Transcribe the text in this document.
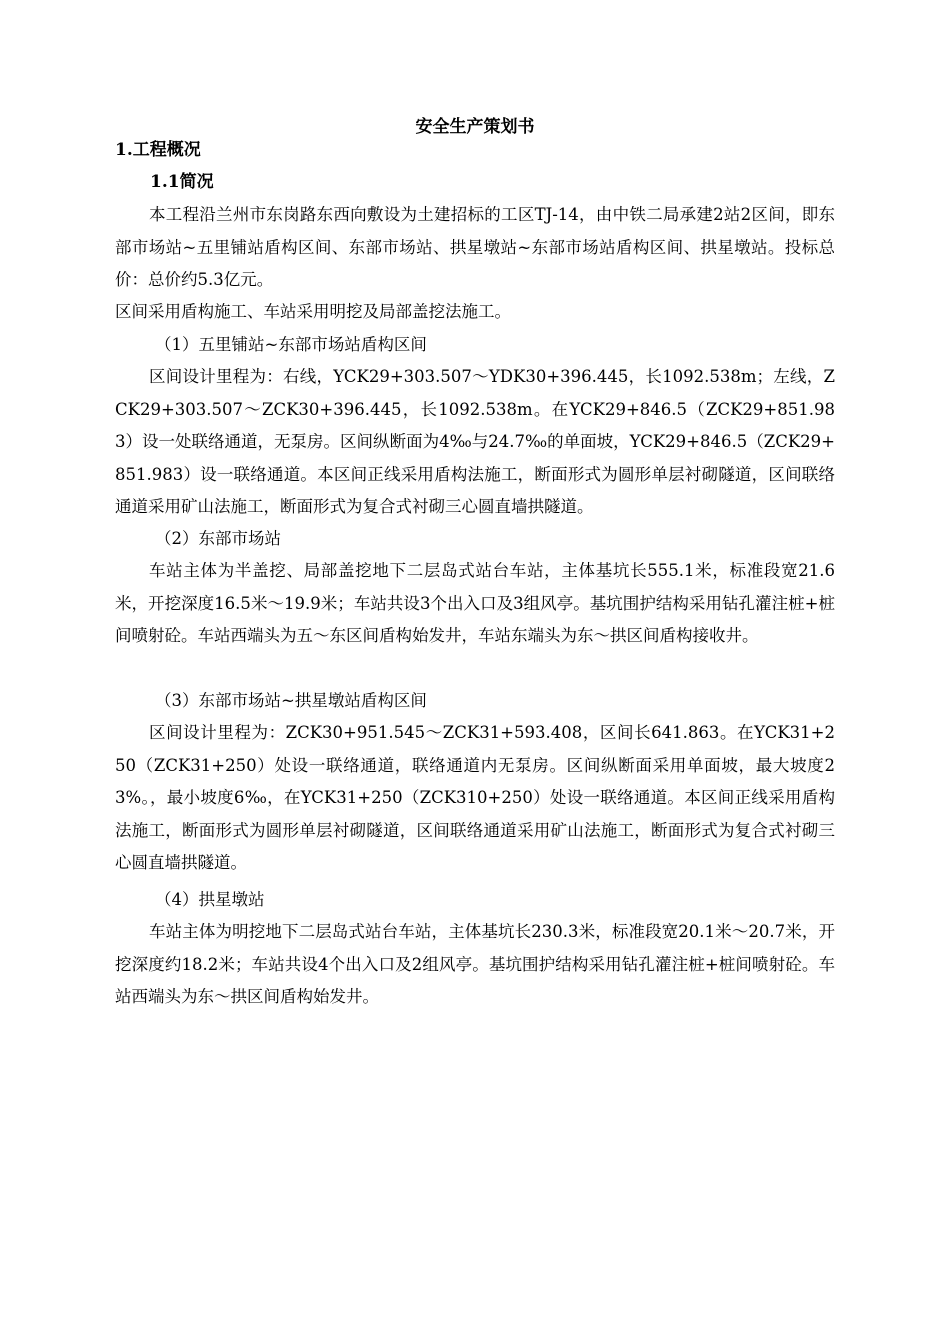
安全生产策划书
1.工程概况
1.1简况
本工程沿兰州市东岗路东西向敷设为土建招标的工区TJ-14，由中铁二局承建2站2区间，即东部市场站~五里铺站盾构区间、东部市场站、拱星墩站~东部市场站盾构区间、拱星墩站。投标总价：总价约5.3亿元。
区间采用盾构施工、车站采用明挖及局部盖挖法施工。
（1）五里铺站~东部市场站盾构区间
区间设计里程为：右线，YCK29+303.507～YDK30+396.445，长1092.538m；左线，ZCK29+303.507～ZCK30+396.445，长1092.538m。在YCK29+846.5（ZCK29+851.983）设一处联络通道，无泵房。区间纵断面为4‰与24.7‰的单面坡，YCK29+846.5（ZCK29+851.983）设一联络通道。本区间正线采用盾构法施工，断面形式为圆形单层衬砌隧道，区间联络通道采用矿山法施工，断面形式为复合式衬砌三心圆直墙拱隧道。
（2）东部市场站
车站主体为半盖挖、局部盖挖地下二层岛式站台车站，主体基坑长555.1米，标准段宽21.6米，开挖深度16.5米～19.9米；车站共设3个出入口及3组风亭。基坑围护结构采用钻孔灌注桩+桩间喷射砼。车站西端头为五～东区间盾构始发井，车站东端头为东～拱区间盾构接收井。
（3）东部市场站~拱星墩站盾构区间
区间设计里程为：ZCK30+951.545～ZCK31+593.408，区间长641.863。在YCK31+250（ZCK31+250）处设一联络通道，联络通道内无泵房。区间纵断面采用单面坡，最大坡度23%。，最小坡度6‰，在YCK31+250（ZCK310+250）处设一联络通道。本区间正线采用盾构法施工，断面形式为圆形单层衬砌隧道，区间联络通道采用矿山法施工，断面形式为复合式衬砌三心圆直墙拱隧道。
（4）拱星墩站
车站主体为明挖地下二层岛式站台车站，主体基坑长230.3米，标准段宽20.1米～20.7米，开挖深度约18.2米；车站共设4个出入口及2组风亭。基坑围护结构采用钻孔灌注桩+桩间喷射砼。车站西端头为东～拱区间盾构始发井。
